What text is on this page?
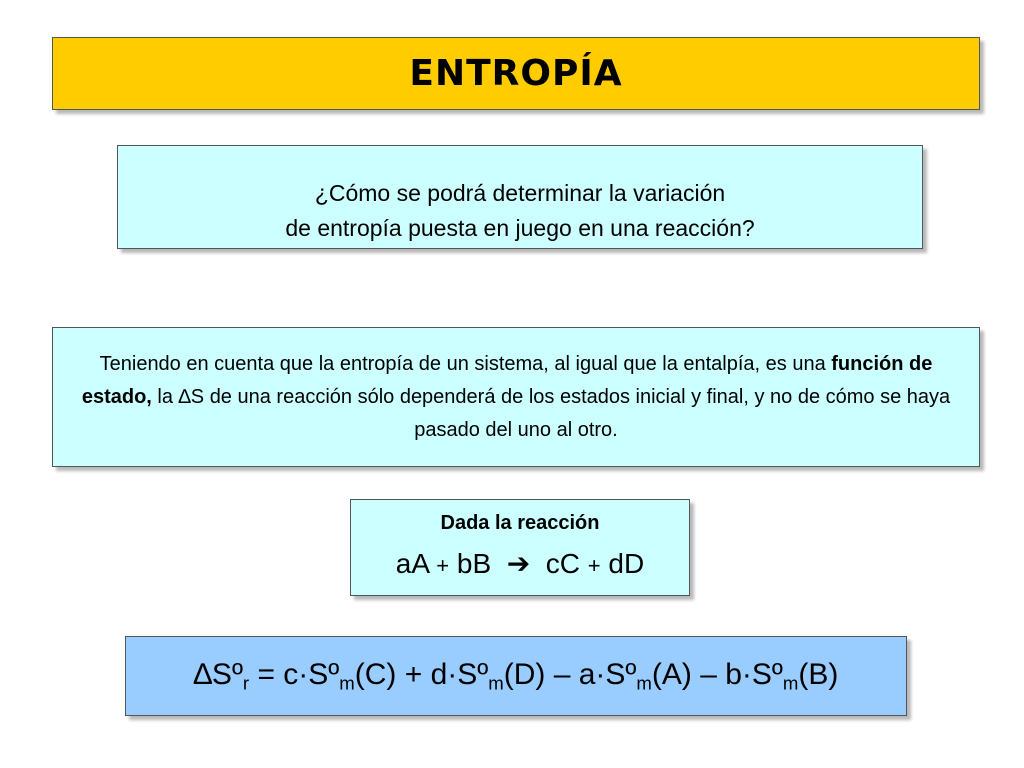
ENTROPÍA
¿Cómo se podrá determinar la variación
de entropía puesta en juego en una reacción?

Teniendo en cuenta que la entropía de un sistema, al igual que la entalpía, es una función de estado, la ∆S de una reacción sólo dependerá de los estados inicial y final, y no de cómo se haya pasado del uno al otro.

Dada la reacción
aA + bB ➔ cC + dD
∆Sº$_r$ = c·Sº$_m$(C) + d·Sº$_m$(D) – a·Sº$_m$(A) – b·Sº$_m$(B)
